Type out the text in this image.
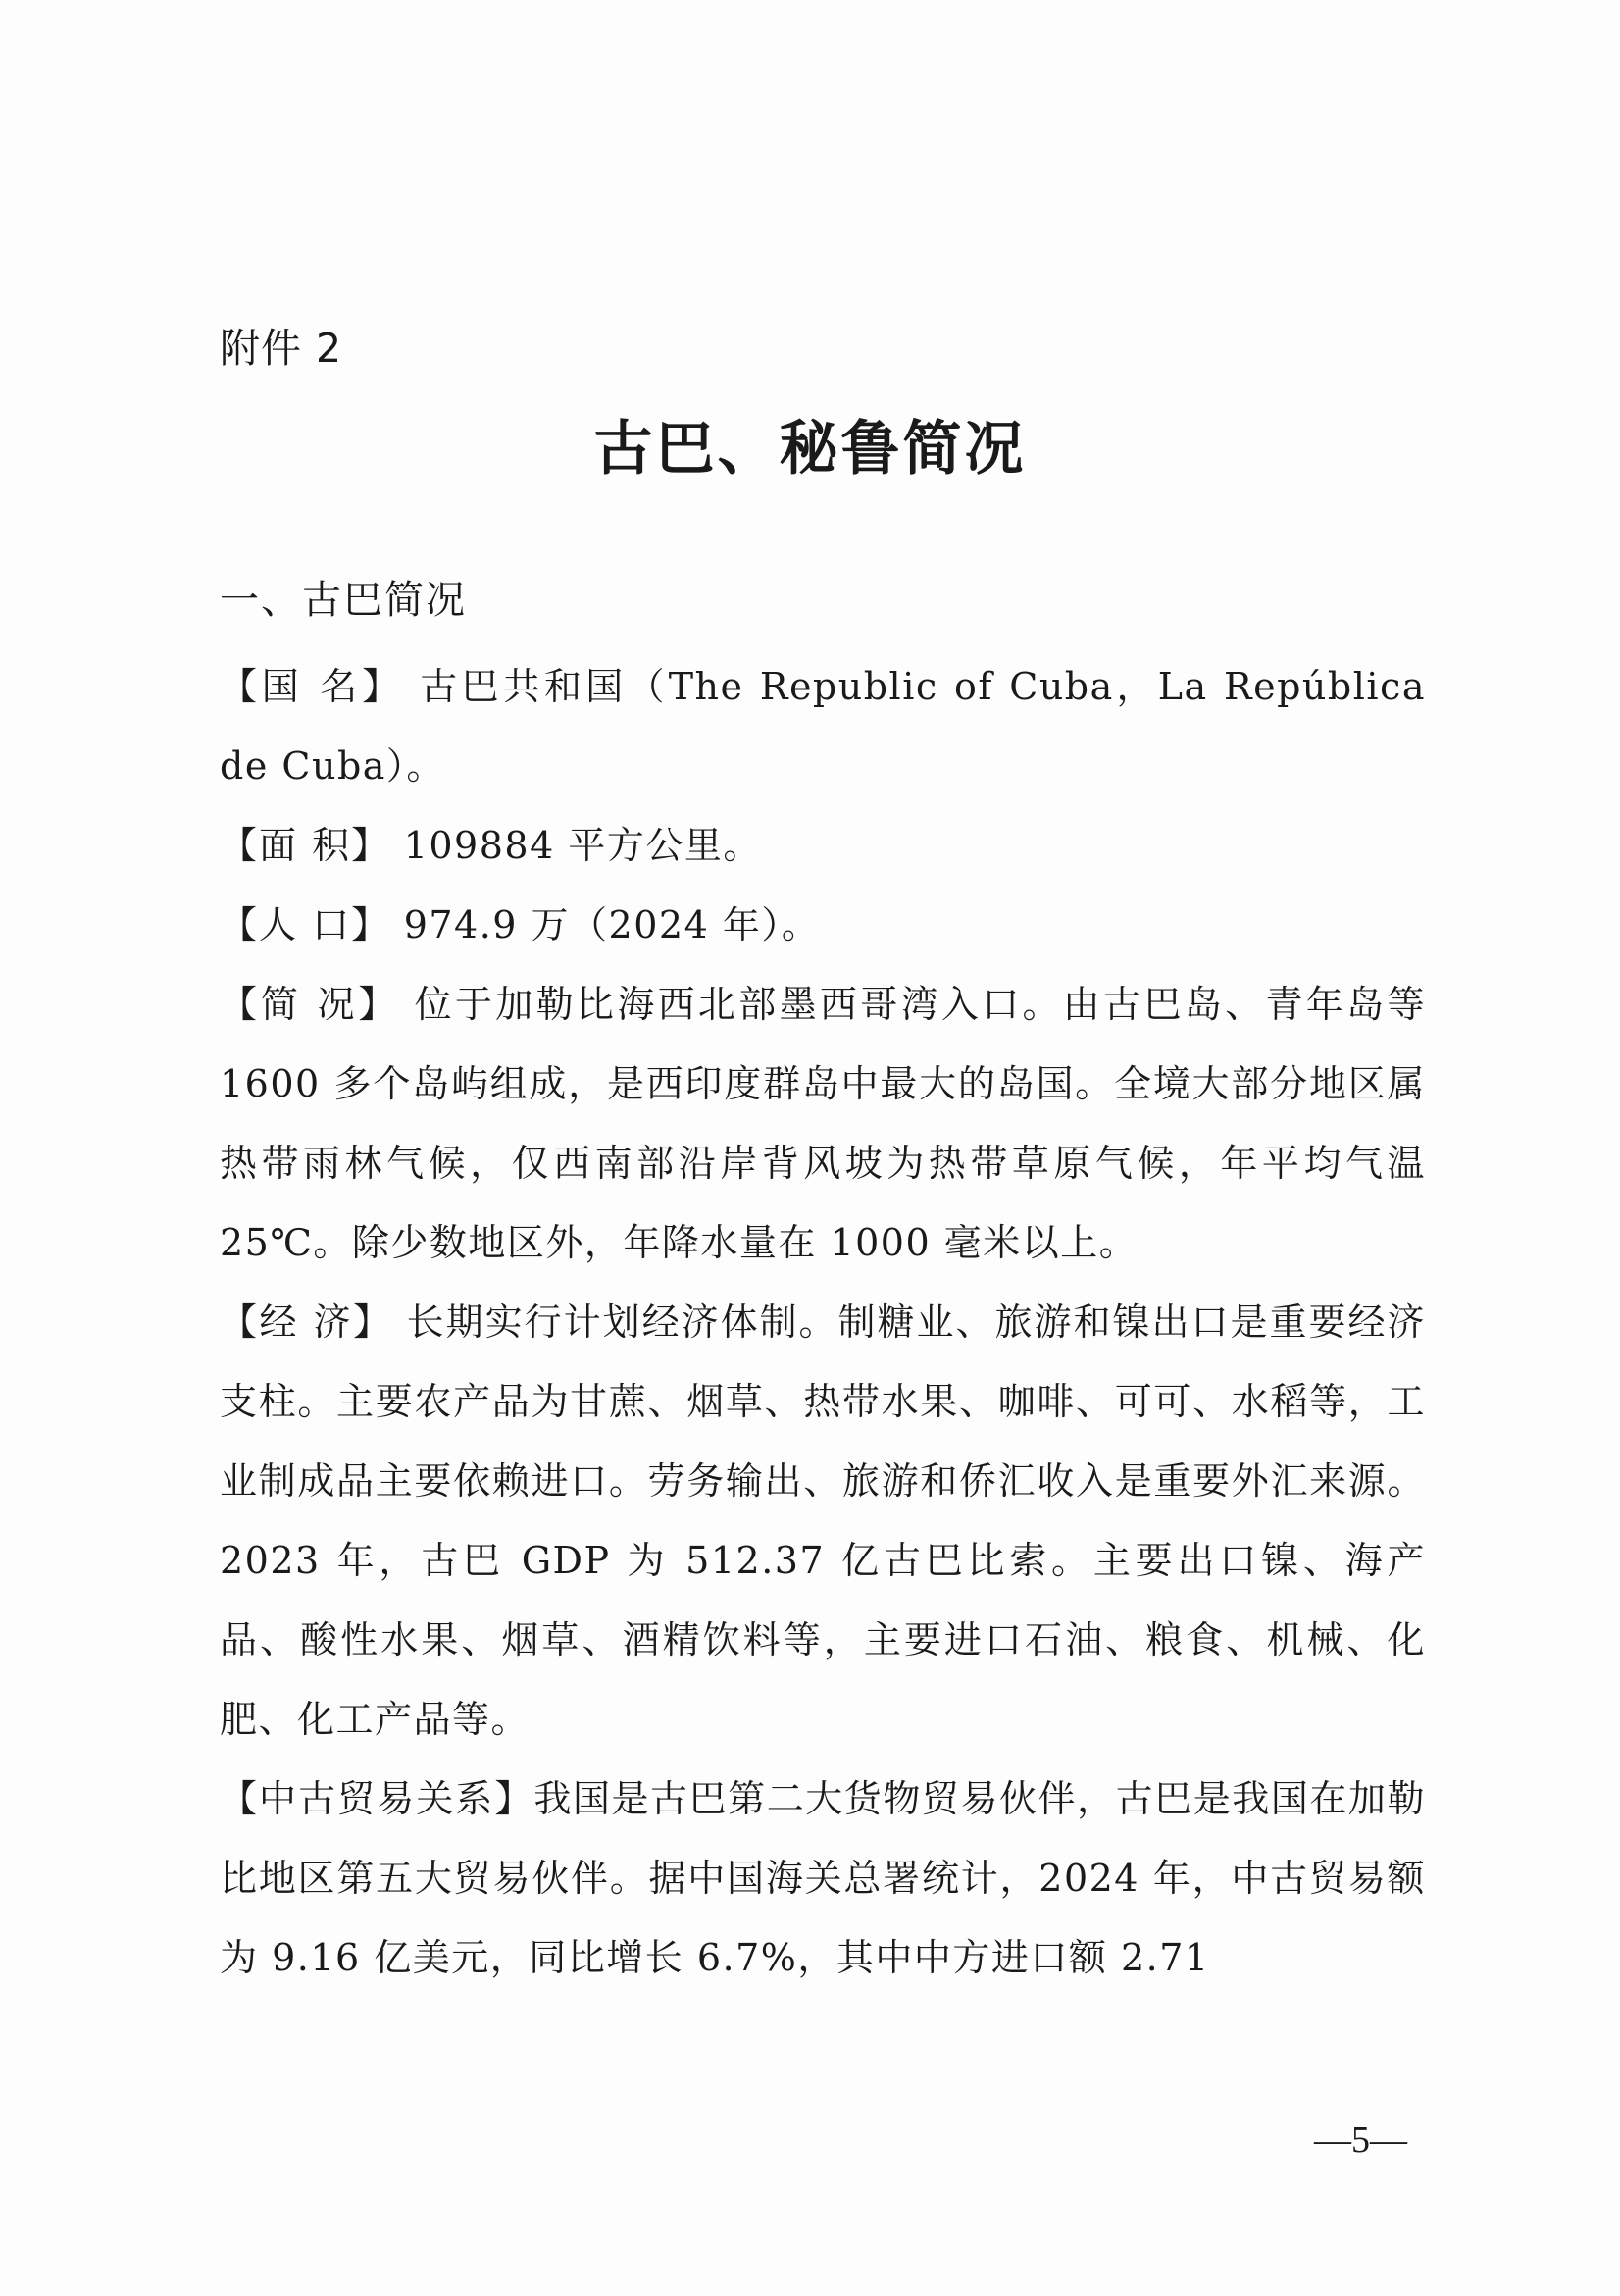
附件 2
古巴、秘鲁简况
一、古巴简况

【国 名】 古巴共和国（The Republic of Cuba，La República de Cuba）。

【面 积】 109884 平方公里。

【人 口】 974.9 万（2024 年）。

【简 况】 位于加勒比海西北部墨西哥湾入口。由古巴岛、青年岛等 1600 多个岛屿组成，是西印度群岛中最大的岛国。全境大部分地区属热带雨林气候，仅西南部沿岸背风坡为热带草原气候，年平均气温 25℃。除少数地区外，年降水量在 1000 毫米以上。

【经 济】 长期实行计划经济体制。制糖业、旅游和镍出口是重要经济支柱。主要农产品为甘蔗、烟草、热带水果、咖啡、可可、水稻等，工业制成品主要依赖进口。劳务输出、旅游和侨汇收入是重要外汇来源。2023 年，古巴 GDP 为 512.37 亿古巴比索。主要出口镍、海产品、酸性水果、烟草、酒精饮料等，主要进口石油、粮食、机械、化肥、化工产品等。

【中古贸易关系】我国是古巴第二大货物贸易伙伴，古巴是我国在加勒比地区第五大贸易伙伴。据中国海关总署统计，2024 年，中古贸易额为 9.16 亿美元，同比增长 6.7%，其中中方进口额 2.71

—5—
